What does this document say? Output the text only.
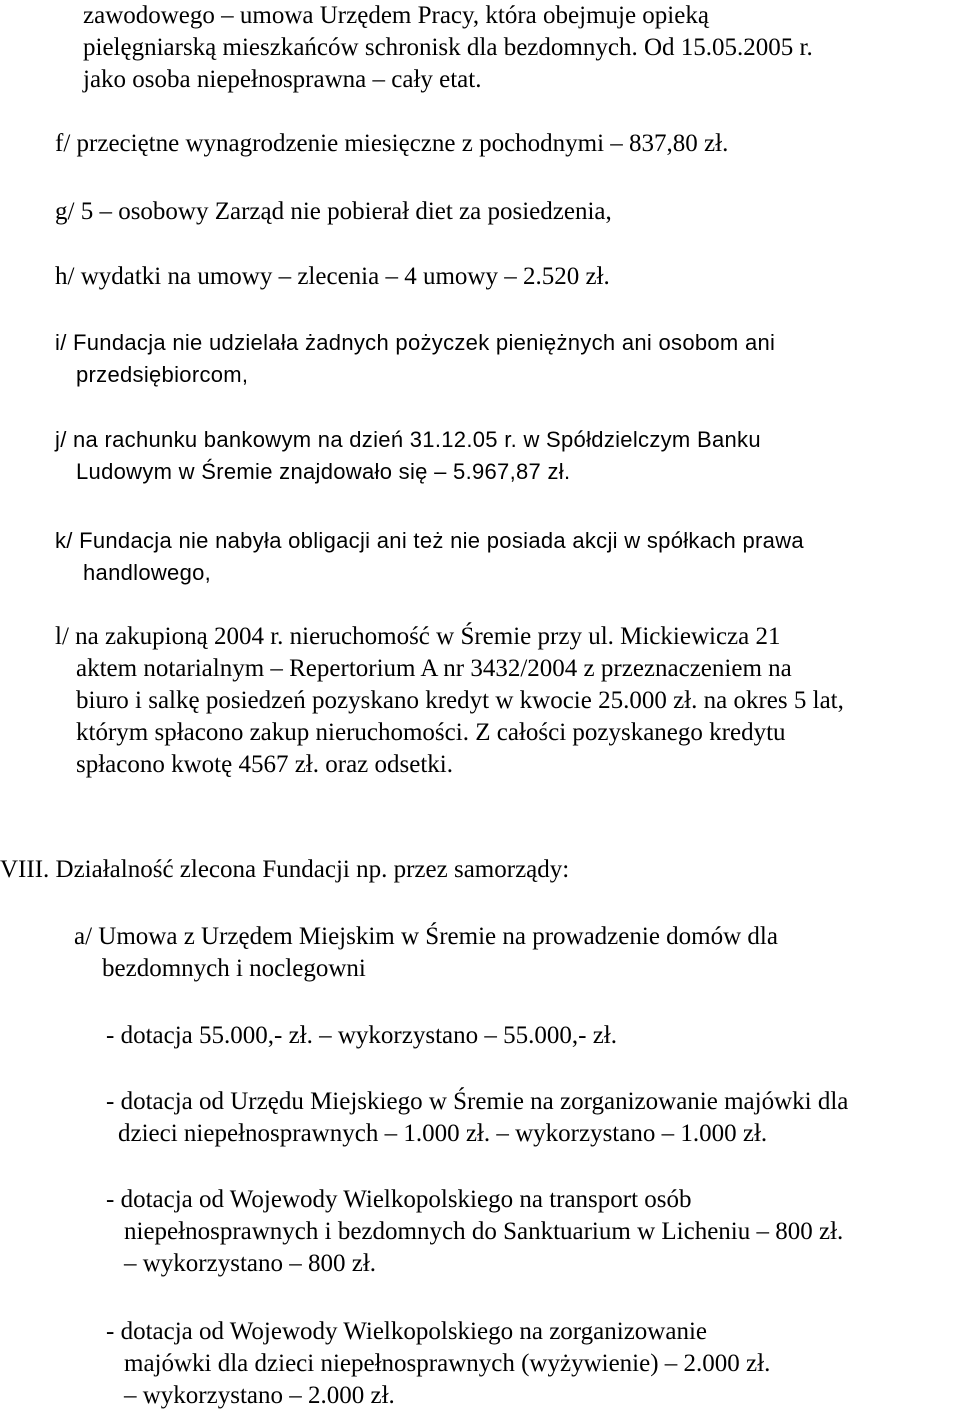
zawodowego – umowa Urzędem Pracy, która obejmuje opieką
pielęgniarską mieszkańców schronisk dla bezdomnych. Od 15.05.2005 r.
jako osoba niepełnosprawna – cały etat.
f/ przeciętne wynagrodzenie miesięczne z pochodnymi – 837,80 zł.
g/ 5 – osobowy Zarząd nie pobierał diet za posiedzenia,
h/ wydatki na umowy – zlecenia – 4 umowy – 2.520 zł.
i/ Fundacja nie udzielała żadnych pożyczek pieniężnych ani osobom ani
przedsiębiorcom,
j/ na rachunku bankowym na dzień 31.12.05 r. w Spółdzielczym Banku
Ludowym w Śremie znajdowało się – 5.967,87 zł.
k/ Fundacja nie nabyła obligacji ani też nie posiada akcji w spółkach prawa
handlowego,
l/ na zakupioną 2004 r. nieruchomość w Śremie przy ul. Mickiewicza 21
aktem notarialnym – Repertorium A nr 3432/2004 z przeznaczeniem na
biuro i salkę posiedzeń pozyskano kredyt w kwocie 25.000 zł. na okres 5 lat,
którym spłacono zakup nieruchomości. Z całości pozyskanego kredytu
spłacono kwotę 4567 zł. oraz odsetki.
VIII. Działalność zlecona Fundacji np. przez samorządy:
a/ Umowa z Urzędem Miejskim w Śremie na prowadzenie domów dla
bezdomnych i noclegowni
- dotacja 55.000,- zł. – wykorzystano – 55.000,- zł.
- dotacja od Urzędu Miejskiego w Śremie na zorganizowanie majówki dla
dzieci niepełnosprawnych – 1.000 zł. – wykorzystano – 1.000 zł.
- dotacja od Wojewody Wielkopolskiego na transport osób
niepełnosprawnych i bezdomnych do Sanktuarium w Licheniu – 800 zł.
– wykorzystano – 800 zł.
- dotacja od Wojewody Wielkopolskiego na zorganizowanie
majówki dla dzieci niepełnosprawnych (wyżywienie) – 2.000 zł.
– wykorzystano – 2.000 zł.
